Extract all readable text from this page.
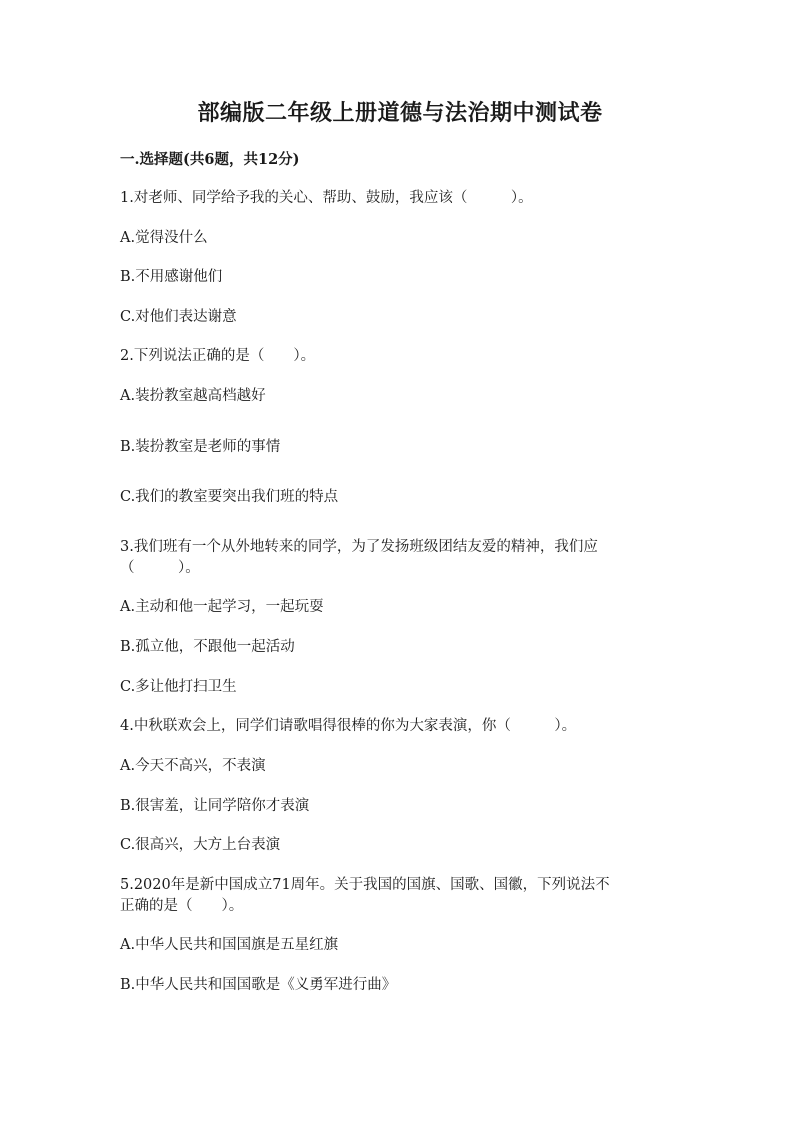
部编版二年级上册道德与法治期中测试卷

一.选择题(共6题，共12分)

1.对老师、同学给予我的关心、帮助、鼓励，我应该（　　　）。

A.觉得没什么

B.不用感谢他们

C.对他们表达谢意

2.下列说法正确的是（　　）。

A.装扮教室越高档越好

B.装扮教室是老师的事情

C.我们的教室要突出我们班的特点

3.我们班有一个从外地转来的同学，为了发扬班级团结友爱的精神，我们应

（　　　）。

A.主动和他一起学习，一起玩耍

B.孤立他，不跟他一起活动

C.多让他打扫卫生

4.中秋联欢会上，同学们请歌唱得很棒的你为大家表演，你（　　　）。

A.今天不高兴，不表演

B.很害羞，让同学陪你才表演

C.很高兴，大方上台表演

5.2020年是新中国成立71周年。关于我国的国旗、国歌、国徽，下列说法不

正确的是（　　）。

A.中华人民共和国国旗是五星红旗

B.中华人民共和国国歌是《义勇军进行曲》
